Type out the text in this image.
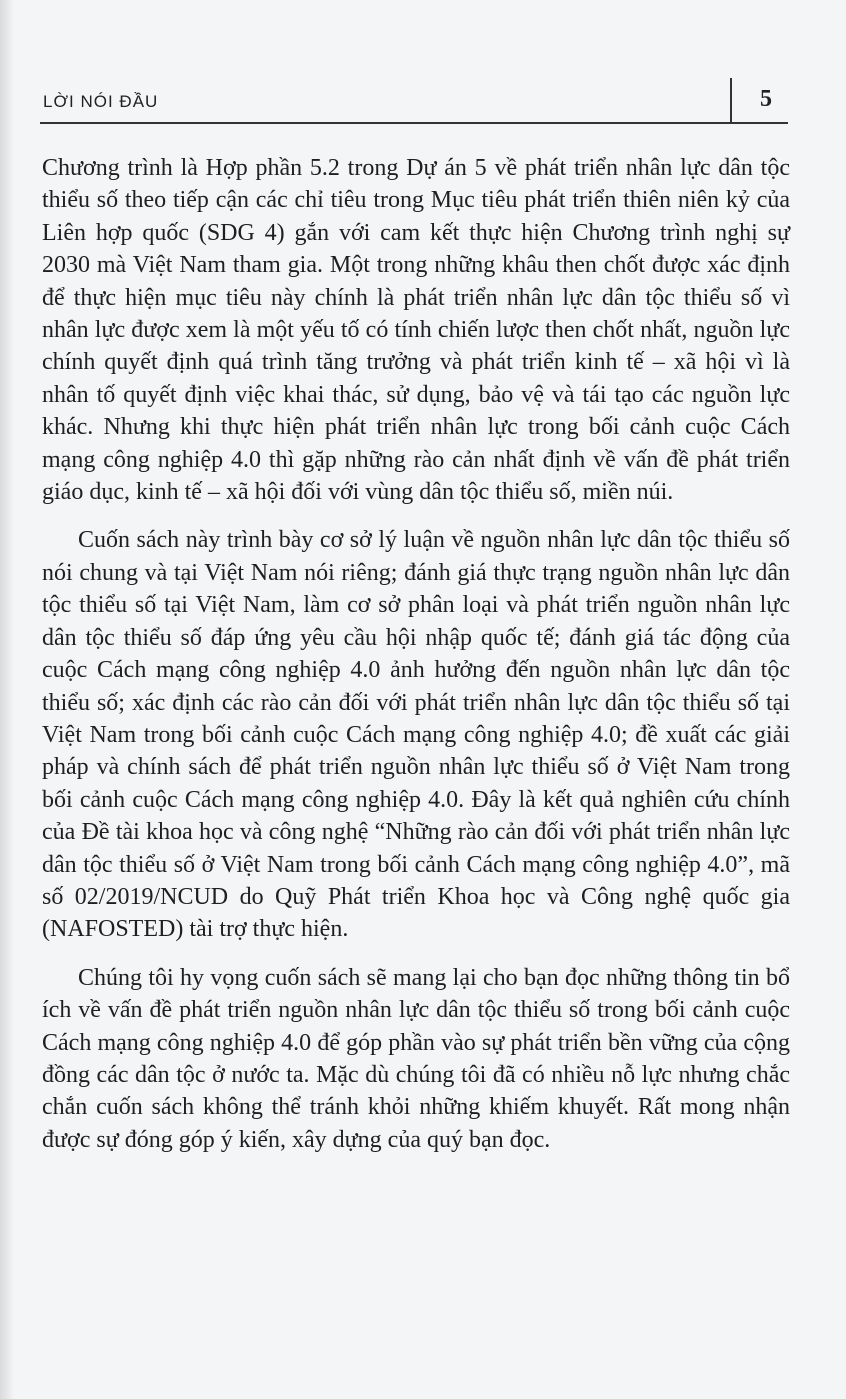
LỜI NÓI ĐẦU	5

Chương trình là Hợp phần 5.2 trong Dự án 5 về phát triển nhân lực dân tộc thiểu số theo tiếp cận các chỉ tiêu trong Mục tiêu phát triển thiên niên kỷ của Liên hợp quốc (SDG 4) gắn với cam kết thực hiện Chương trình nghị sự 2030 mà Việt Nam tham gia. Một trong những khâu then chốt được xác định để thực hiện mục tiêu này chính là phát triển nhân lực dân tộc thiểu số vì nhân lực được xem là một yếu tố có tính chiến lược then chốt nhất, nguồn lực chính quyết định quá trình tăng trưởng và phát triển kinh tế – xã hội vì là nhân tố quyết định việc khai thác, sử dụng, bảo vệ và tái tạo các nguồn lực khác. Nhưng khi thực hiện phát triển nhân lực trong bối cảnh cuộc Cách mạng công nghiệp 4.0 thì gặp những rào cản nhất định về vấn đề phát triển giáo dục, kinh tế – xã hội đối với vùng dân tộc thiểu số, miền núi.

Cuốn sách này trình bày cơ sở lý luận về nguồn nhân lực dân tộc thiểu số nói chung và tại Việt Nam nói riêng; đánh giá thực trạng nguồn nhân lực dân tộc thiểu số tại Việt Nam, làm cơ sở phân loại và phát triển nguồn nhân lực dân tộc thiểu số đáp ứng yêu cầu hội nhập quốc tế; đánh giá tác động của cuộc Cách mạng công nghiệp 4.0 ảnh hưởng đến nguồn nhân lực dân tộc thiểu số; xác định các rào cản đối với phát triển nhân lực dân tộc thiểu số tại Việt Nam trong bối cảnh cuộc Cách mạng công nghiệp 4.0; đề xuất các giải pháp và chính sách để phát triển nguồn nhân lực thiểu số ở Việt Nam trong bối cảnh cuộc Cách mạng công nghiệp 4.0. Đây là kết quả nghiên cứu chính của Đề tài khoa học và công nghệ “Những rào cản đối với phát triển nhân lực dân tộc thiểu số ở Việt Nam trong bối cảnh Cách mạng công nghiệp 4.0”, mã số 02/2019/NCUD do Quỹ Phát triển Khoa học và Công nghệ quốc gia (NAFOSTED) tài trợ thực hiện.

Chúng tôi hy vọng cuốn sách sẽ mang lại cho bạn đọc những thông tin bổ ích về vấn đề phát triển nguồn nhân lực dân tộc thiểu số trong bối cảnh cuộc Cách mạng công nghiệp 4.0 để góp phần vào sự phát triển bền vững của cộng đồng các dân tộc ở nước ta. Mặc dù chúng tôi đã có nhiều nỗ lực nhưng chắc chắn cuốn sách không thể tránh khỏi những khiếm khuyết. Rất mong nhận được sự đóng góp ý kiến, xây dựng của quý bạn đọc.
